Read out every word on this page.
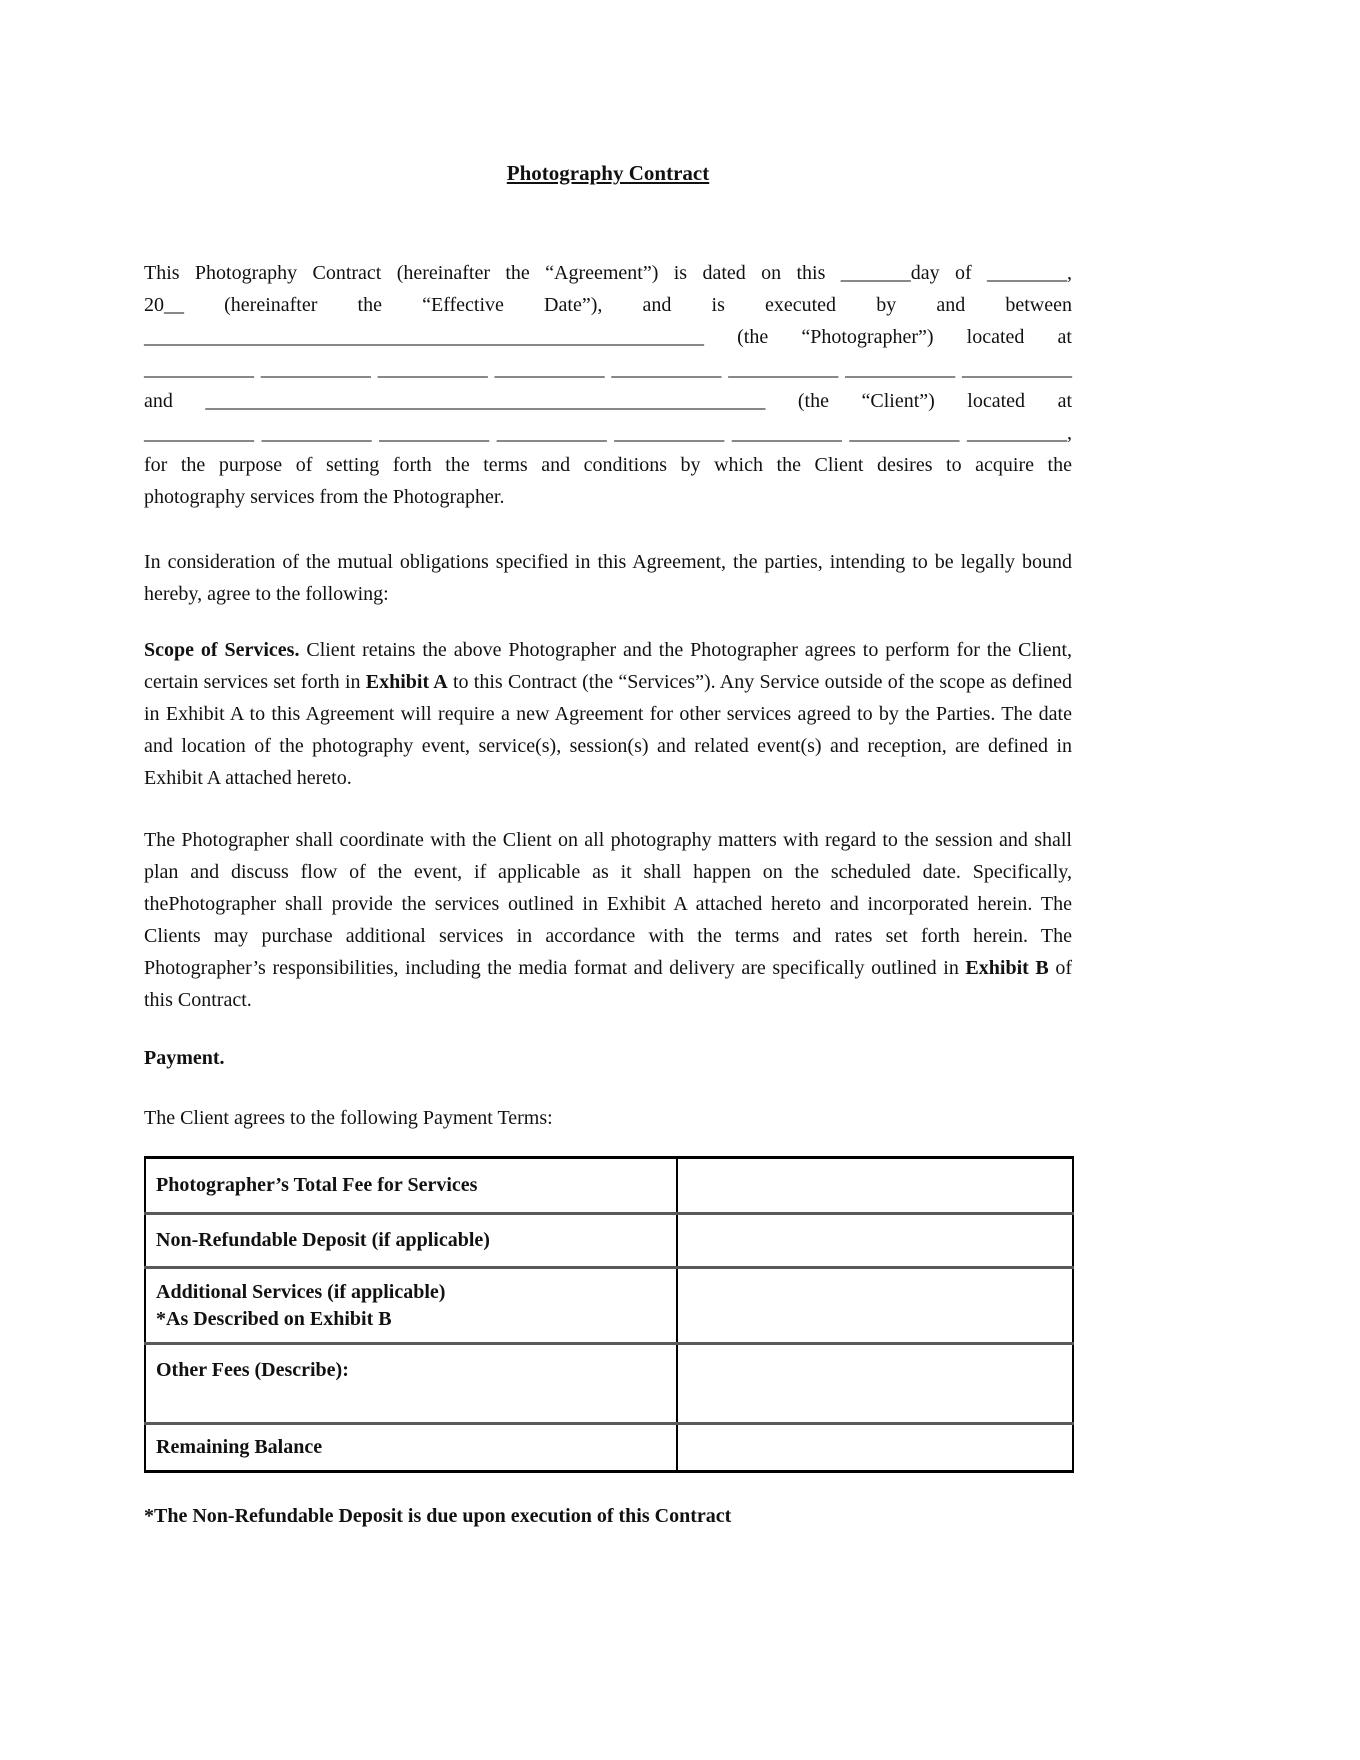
Photography Contract
This Photography Contract (hereinafter the “Agreement”) is dated on this _______day of ________,
20__ (hereinafter the “Effective Date”), and is executed by and between
________________________________________________________ (the “Photographer”) located at
___________ ___________ ___________ ___________ ___________ ___________ ___________ ___________
and ________________________________________________________ (the “Client”) located at
___________ ___________ ___________ ___________ ___________ ___________ ___________ __________,
for the purpose of setting forth the terms and conditions by which the Client desires to acquire the
photography services from the Photographer.

In consideration of the mutual obligations specified in this Agreement, the parties, intending to be legally bound hereby, agree to the following:

Scope of Services. Client retains the above Photographer and the Photographer agrees to perform for the Client, certain services set forth in Exhibit A to this Contract (the “Services”). Any Service outside of the scope as defined in Exhibit A to this Agreement will require a new Agreement for other services agreed to by the Parties. The date and location of the photography event, service(s), session(s) and related event(s) and reception, are defined in Exhibit A attached hereto.

The Photographer shall coordinate with the Client on all photography matters with regard to the session and shall plan and discuss flow of the event, if applicable as it shall happen on the scheduled date. Specifically, thePhotographer shall provide the services outlined in Exhibit A attached hereto and incorporated herein. The Clients may purchase additional services in accordance with the terms and rates set forth herein. The Photographer’s responsibilities, including the media format and delivery are specifically outlined in Exhibit B of this Contract.

Payment.

The Client agrees to the following Payment Terms:

Photographer’s Total Fee for Services	

Non-Refundable Deposit (if applicable)	

Additional Services (if applicable)
*As Described on Exhibit B	

Other Fees (Describe):	

Remaining Balance	

*The Non-Refundable Deposit is due upon execution of this Contract
